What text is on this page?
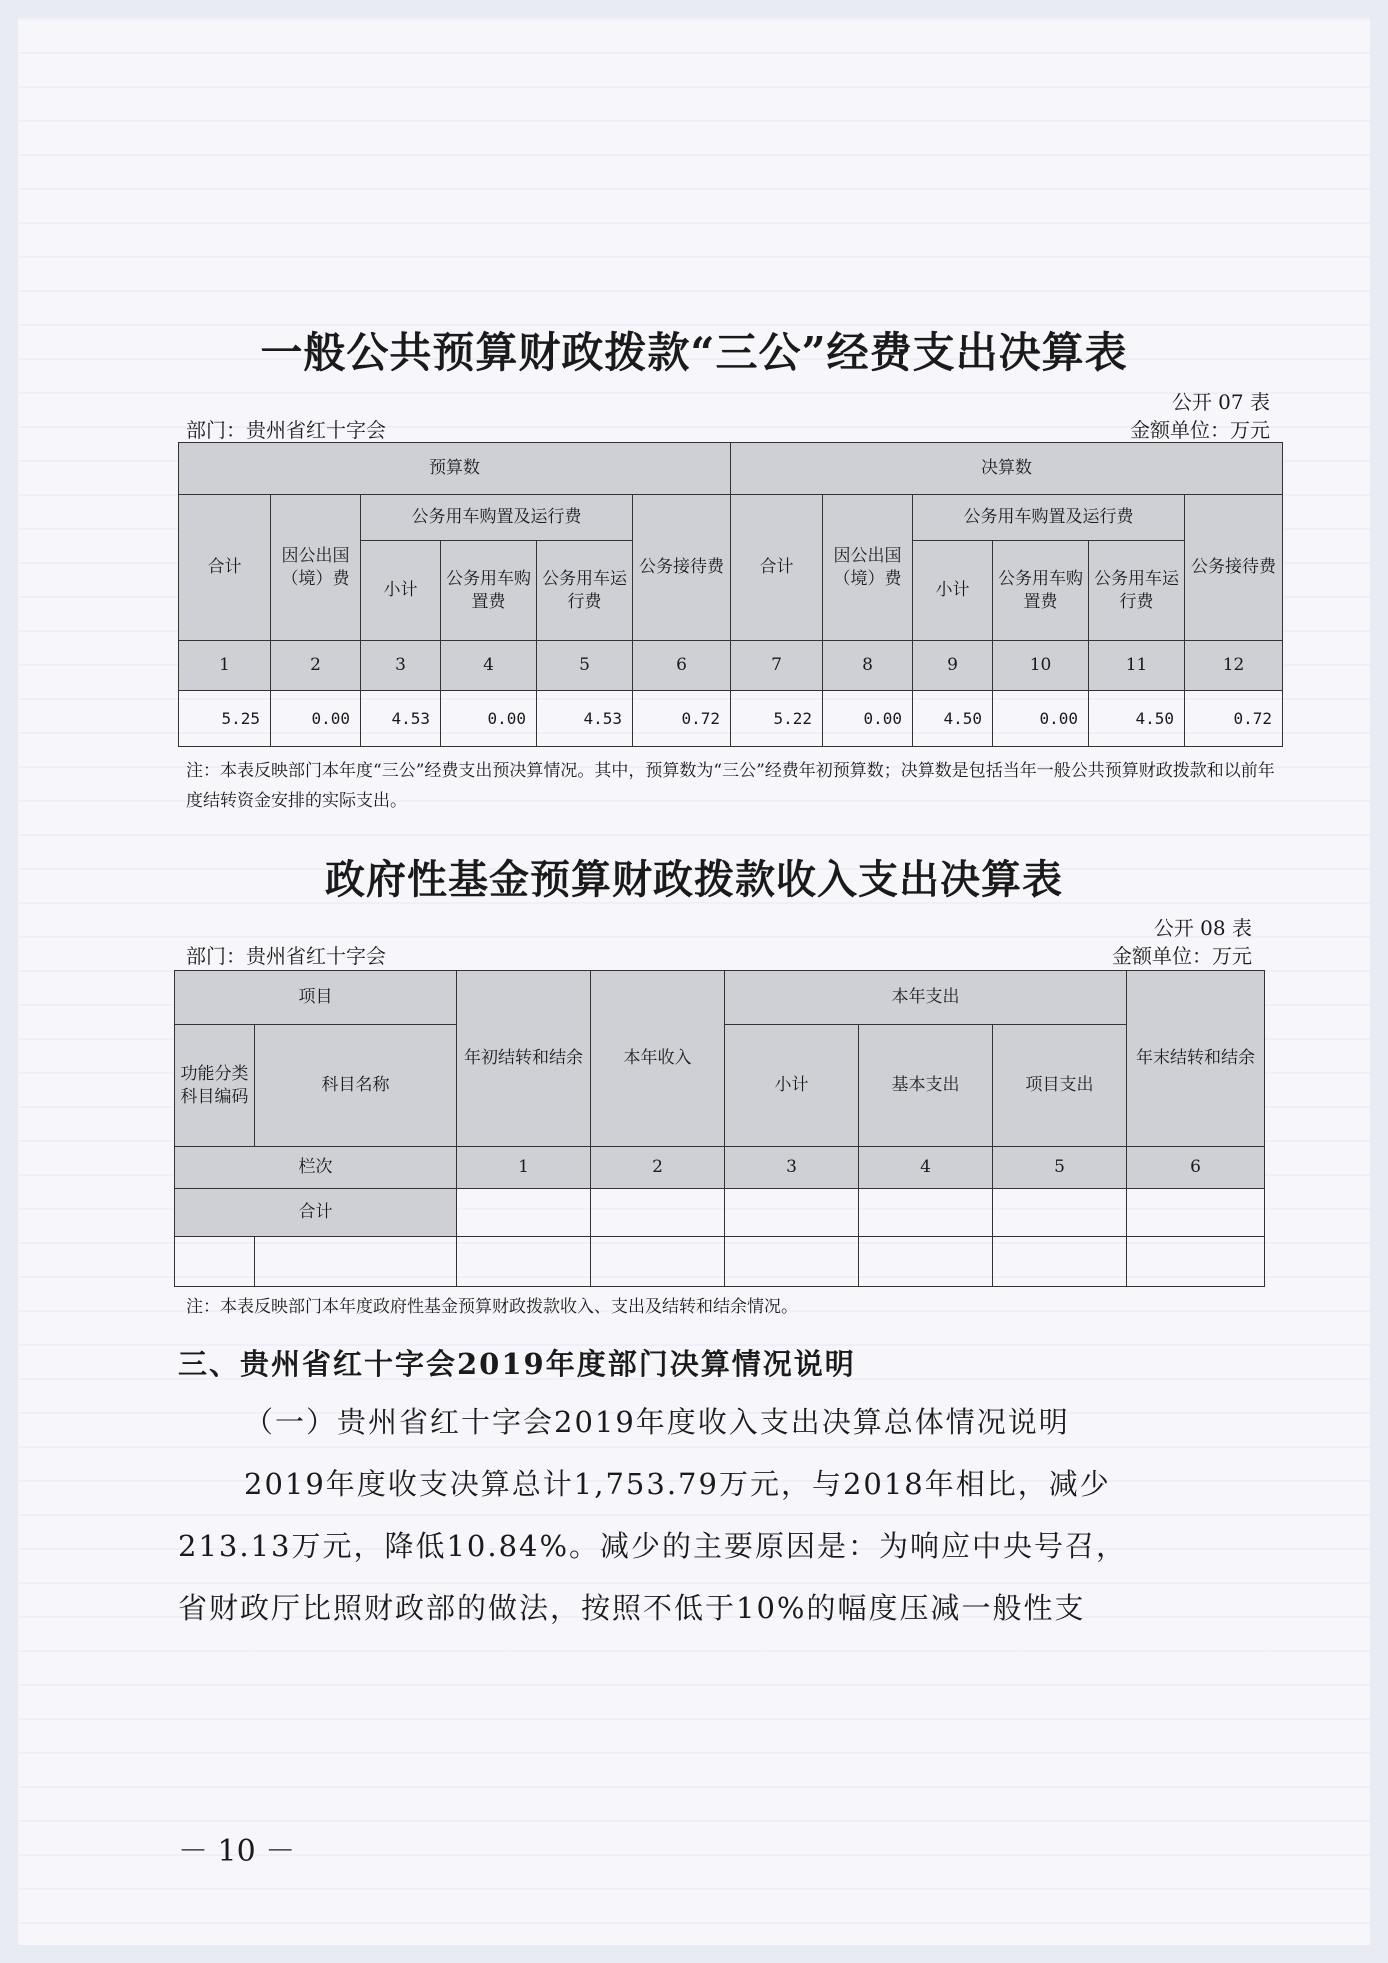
一般公共预算财政拨款“三公”经费支出决算表
公开 07 表
部门：贵州省红十字会	金额单位：万元
预算数						决算数					
合计	因公出国（境）费	公务用车购置及运行费			公务接待费	合计	因公出国（境）费	公务用车购置及运行费			公务接待费
		小计	公务用车购置费	公务用车运行费				小计	公务用车购置费	公务用车运行费	
1	2	3	4	5	6	7	8	9	10	11	12
5.25	0.00	4.53	0.00	4.53	0.72	5.22	0.00	4.50	0.00	4.50	0.72
注：本表反映部门本年度“三公”经费支出预决算情况。其中，预算数为“三公”经费年初预算数；决算数是包括当年一般公共预算财政拨款和以前年度结转资金安排的实际支出。
政府性基金预算财政拨款收入支出决算表
公开 08 表
部门：贵州省红十字会	金额单位：万元
项目		年初结转和结余	本年收入	本年支出			年末结转和结余
功能分类科目编码	科目名称			小计	基本支出	项目支出	
栏次		1	2	3	4	5	6
合计							

注：本表反映部门本年度政府性基金预算财政拨款收入、支出及结转和结余情况。
三、贵州省红十字会2019年度部门决算情况说明
（一）贵州省红十字会2019年度收入支出决算总体情况说明
2019年度收支决算总计1,753.79万元，与2018年相比，减少
213.13万元，降低10.84%。减少的主要原因是：为响应中央号召，
省财政厅比照财政部的做法，按照不低于10%的幅度压减一般性支
－ 10 －
